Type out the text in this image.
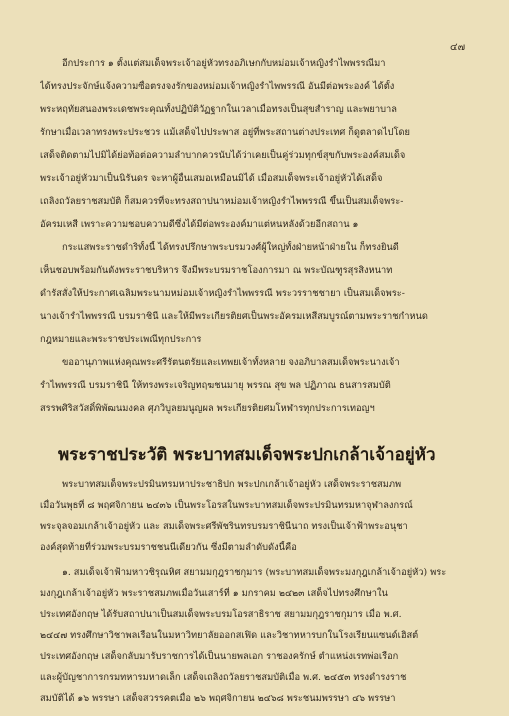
๔๗
อีกประการ ๑ ตั้งแต่สมเด็จพระเจ้าอยู่หัวทรงอภิเษกกับหม่อมเจ้าหญิงรำไพพรรณีมา
ได้ทรงประจักษ์แจ้งความซื่อตรงจงรักของหม่อมเจ้าหญิงรำไพพรรณี อันมีต่อพระองค์ ได้ตั้ง
พระหฤทัยสนองพระเดชพระคุณทั้งปฏิบัติวัฏฐากในเวลาเมื่อทรงเป็นสุขสำราญ และพยาบาล
รักษาเมื่อเวลาทรงพระประชวร แม้เสด็จไปประพาส อยู่ที่พระสถานต่างประเทศ ก็ดูตลาดไปโดย
เสด็จติดตามไปมิได้ย่อท้อต่อความลำบากควรนับได้ว่าเคยเป็นคู่ร่วมทุกข์สุขกับพระองค์สมเด็จ
พระเจ้าอยู่หัวมาเป็นนิรันดร จะหาผู้อื่นเสมอเหมือนมิได้ เมื่อสมเด็จพระเจ้าอยู่หัวได้เสด็จ
เถลิงถวัลยราชสมบัติ ก็สมควรที่จะทรงสถาปนาหม่อมเจ้าหญิงรำไพพรรณี ขึ้นเป็นสมเด็จพระ-
อัครมเหสี เพราะความชอบความดีซึ่งได้มีต่อพระองค์มาแต่หนหลังด้วยอีกสถาน ๑
กระแสพระราชดำริทั้งนี้ ได้ทรงปรึกษาพระบรมวงศ์ผู้ใหญ่ทั้งฝ่ายหน้าฝ่ายใน ก็ทรงยินดี
เห็นชอบพร้อมกันดังพระราชบริหาร จึงมีพระบรมราชโองการมา ณ พระบัณฑูรสุรสิงหนาท
ดำรัสสั่งให้ประกาศเฉลิมพระนามหม่อมเจ้าหญิงรำไพพรรณี พระวรราชชายา เป็นสมเด็จพระ-
นางเจ้ารำไพพรรณี บรมราชินี และให้มีพระเกียรติยศเป็นพระอัครมเหสีสมบูรณ์ตามพระราชกำหนด
กฎหมายและพระราชประเพณีทุกประการ
ขออานุภาพแห่งคุณพระศรีรัตนตรัยและเทพยเจ้าทั้งหลาย จงอภิบาลสมเด็จพระนางเจ้า
รำไพพรรณี บรมราชินี ให้ทรงพระเจริญทฤฆชนมายุ พรรณ สุข พล ปฏิภาณ ธนสารสมบัติ
สรรพศิริสวัสดิ์พิพัฒนมงคล ศุภวิบูลยมนูญผล พระเกียรติยศมโหฬารทุกประการเทอญฯ
พระราชประวัติ พระบาทสมเด็จพระปกเกล้าเจ้าอยู่หัว
พระบาทสมเด็จพระปรมินทรมหาประชาธิปก พระปกเกล้าเจ้าอยู่หัว เสด็จพระราชสมภพ
เมื่อวันพุธที่ ๘ พฤศจิกายน ๒๔๓๖ เป็นพระโอรสในพระบาทสมเด็จพระปรมินทรมหาจุฬาลงกรณ์
พระจุลจอมเกล้าเจ้าอยู่หัว และ สมเด็จพระศรีพัชรินทรบรมราชินีนาถ ทรงเป็นเจ้าฟ้าพระอนุชา
องค์สุดท้ายที่ร่วมพระบรมราชชนนีเดียวกัน ซึ่งมีตามลำดับดังนี้คือ
๑. สมเด็จเจ้าฟ้ามหาวชิรุณหิศ สยามมกุฎราชกุมาร (พระบาทสมเด็จพระมงกุฎเกล้าเจ้าอยู่หัว) พระ
มงกุฎเกล้าเจ้าอยู่หัว พระราชสมภพเมื่อวันเสาร์ที่ ๑ มกราคม ๒๔๒๓ เสด็จไปทรงศึกษาใน
ประเทศอังกฤษ ได้รับสถาปนาเป็นสมเด็จพระบรมโอรสาธิราช สยามมกุฎราชกุมาร เมื่อ พ.ศ.
๒๔๔๗ ทรงศึกษาวิชาพลเรือนในมหาวิทยาลัยออกสเฟิด และวิชาทหารบกในโรงเรียนแซนด์เฮิสต์
ประเทศอังกฤษ เสด็จกลับมารับราชการได้เป็นนายพลเอก ราชองครักษ์ ตำแหน่งเรทพ่อเรือก
และผู้บัญชาการกรมทหารมหาดเล็ก เสด็จเถลิงถวัลยราชสมบัติเมื่อ พ.ศ. ๒๔๕๓ ทรงดำรงราช
สมบัติได้ ๑๖ พรรษา เสด็จสวรรคตเมื่อ ๒๖ พฤศจิกายน ๒๔๖๘ พระชนมพรรษา ๔๖ พรรษา
